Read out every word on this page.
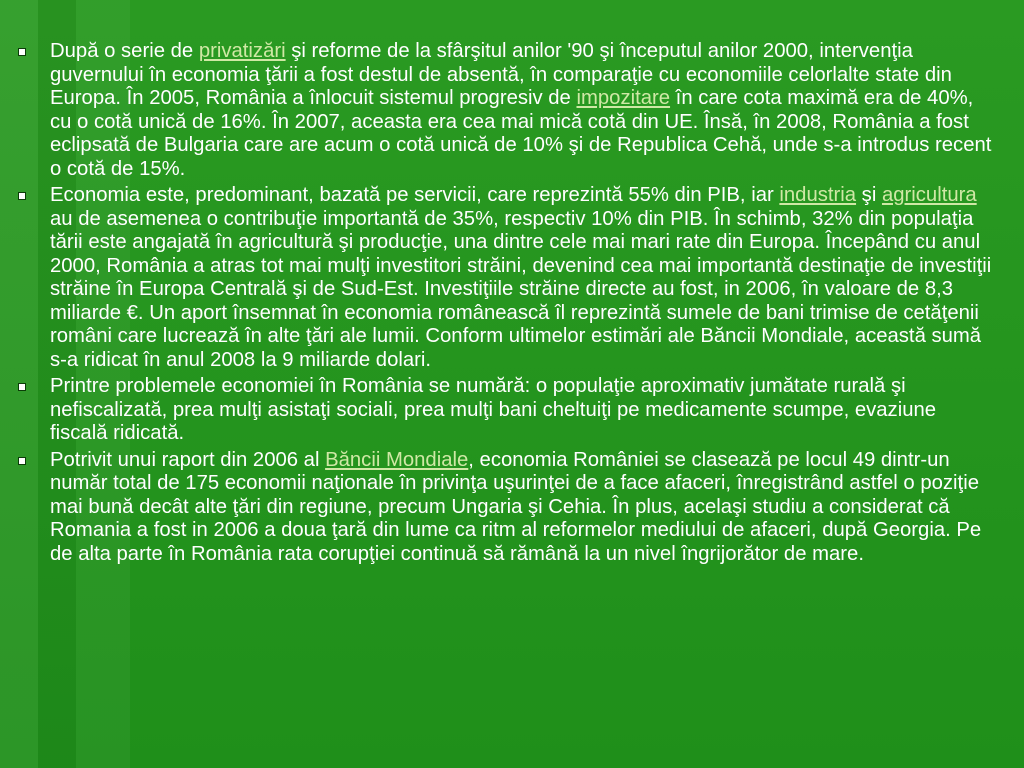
După o serie de privatizări şi reforme de la sfârşitul anilor '90 şi începutul anilor 2000, intervenţia guvernului în economia ţării a fost destul de absentă, în comparaţie cu economiile celorlalte state din Europa. În 2005, România a înlocuit sistemul progresiv de impozitare în care cota maximă era de 40%, cu o cotă unică de 16%. În 2007, aceasta era cea mai mică cotă din UE. Însă, în 2008, România a fost eclipsată de Bulgaria care are acum o cotă unică de 10% şi de Republica Cehă, unde s-a introdus recent o cotă de 15%.
Economia este, predominant, bazată pe servicii, care reprezintă 55% din PIB, iar industria şi agricultura au de asemenea o contribuţie importantă de 35%, respectiv 10% din PIB. În schimb, 32% din populaţia tării este angajată în agricultură şi producţie, una dintre cele mai mari rate din Europa. Începând cu anul 2000, România a atras tot mai mulţi investitori străini, devenind cea mai importantă destinaţie de investiţii străine în Europa Centrală şi de Sud-Est. Investiţiile străine directe au fost, in 2006, în valoare de 8,3 miliarde €. Un aport însemnat în economia românească îl reprezintă sumele de bani trimise de cetăţenii români care lucrează în alte ţări ale lumii. Conform ultimelor estimări ale Băncii Mondiale, această sumă s-a ridicat în anul 2008 la 9 miliarde dolari.
Printre problemele economiei în România se numără: o populaţie aproximativ jumătate rurală şi nefiscalizată, prea mulţi asistaţi sociali, prea mulţi bani cheltuiţi pe medicamente scumpe, evaziune fiscală ridicată.
Potrivit unui raport din 2006 al Băncii Mondiale, economia României se clasează pe locul 49 dintr-un număr total de 175 economii naţionale în privinţa uşurinţei de a face afaceri, înregistrând astfel o poziţie mai bună decât alte ţări din regiune, precum Ungaria şi Cehia. În plus, acelaşi studiu a considerat că Romania a fost in 2006 a doua ţară din lume ca ritm al reformelor mediului de afaceri, după Georgia. Pe de alta parte în România rata corupţiei continuă să rămână la un nivel îngrijorător de mare.
